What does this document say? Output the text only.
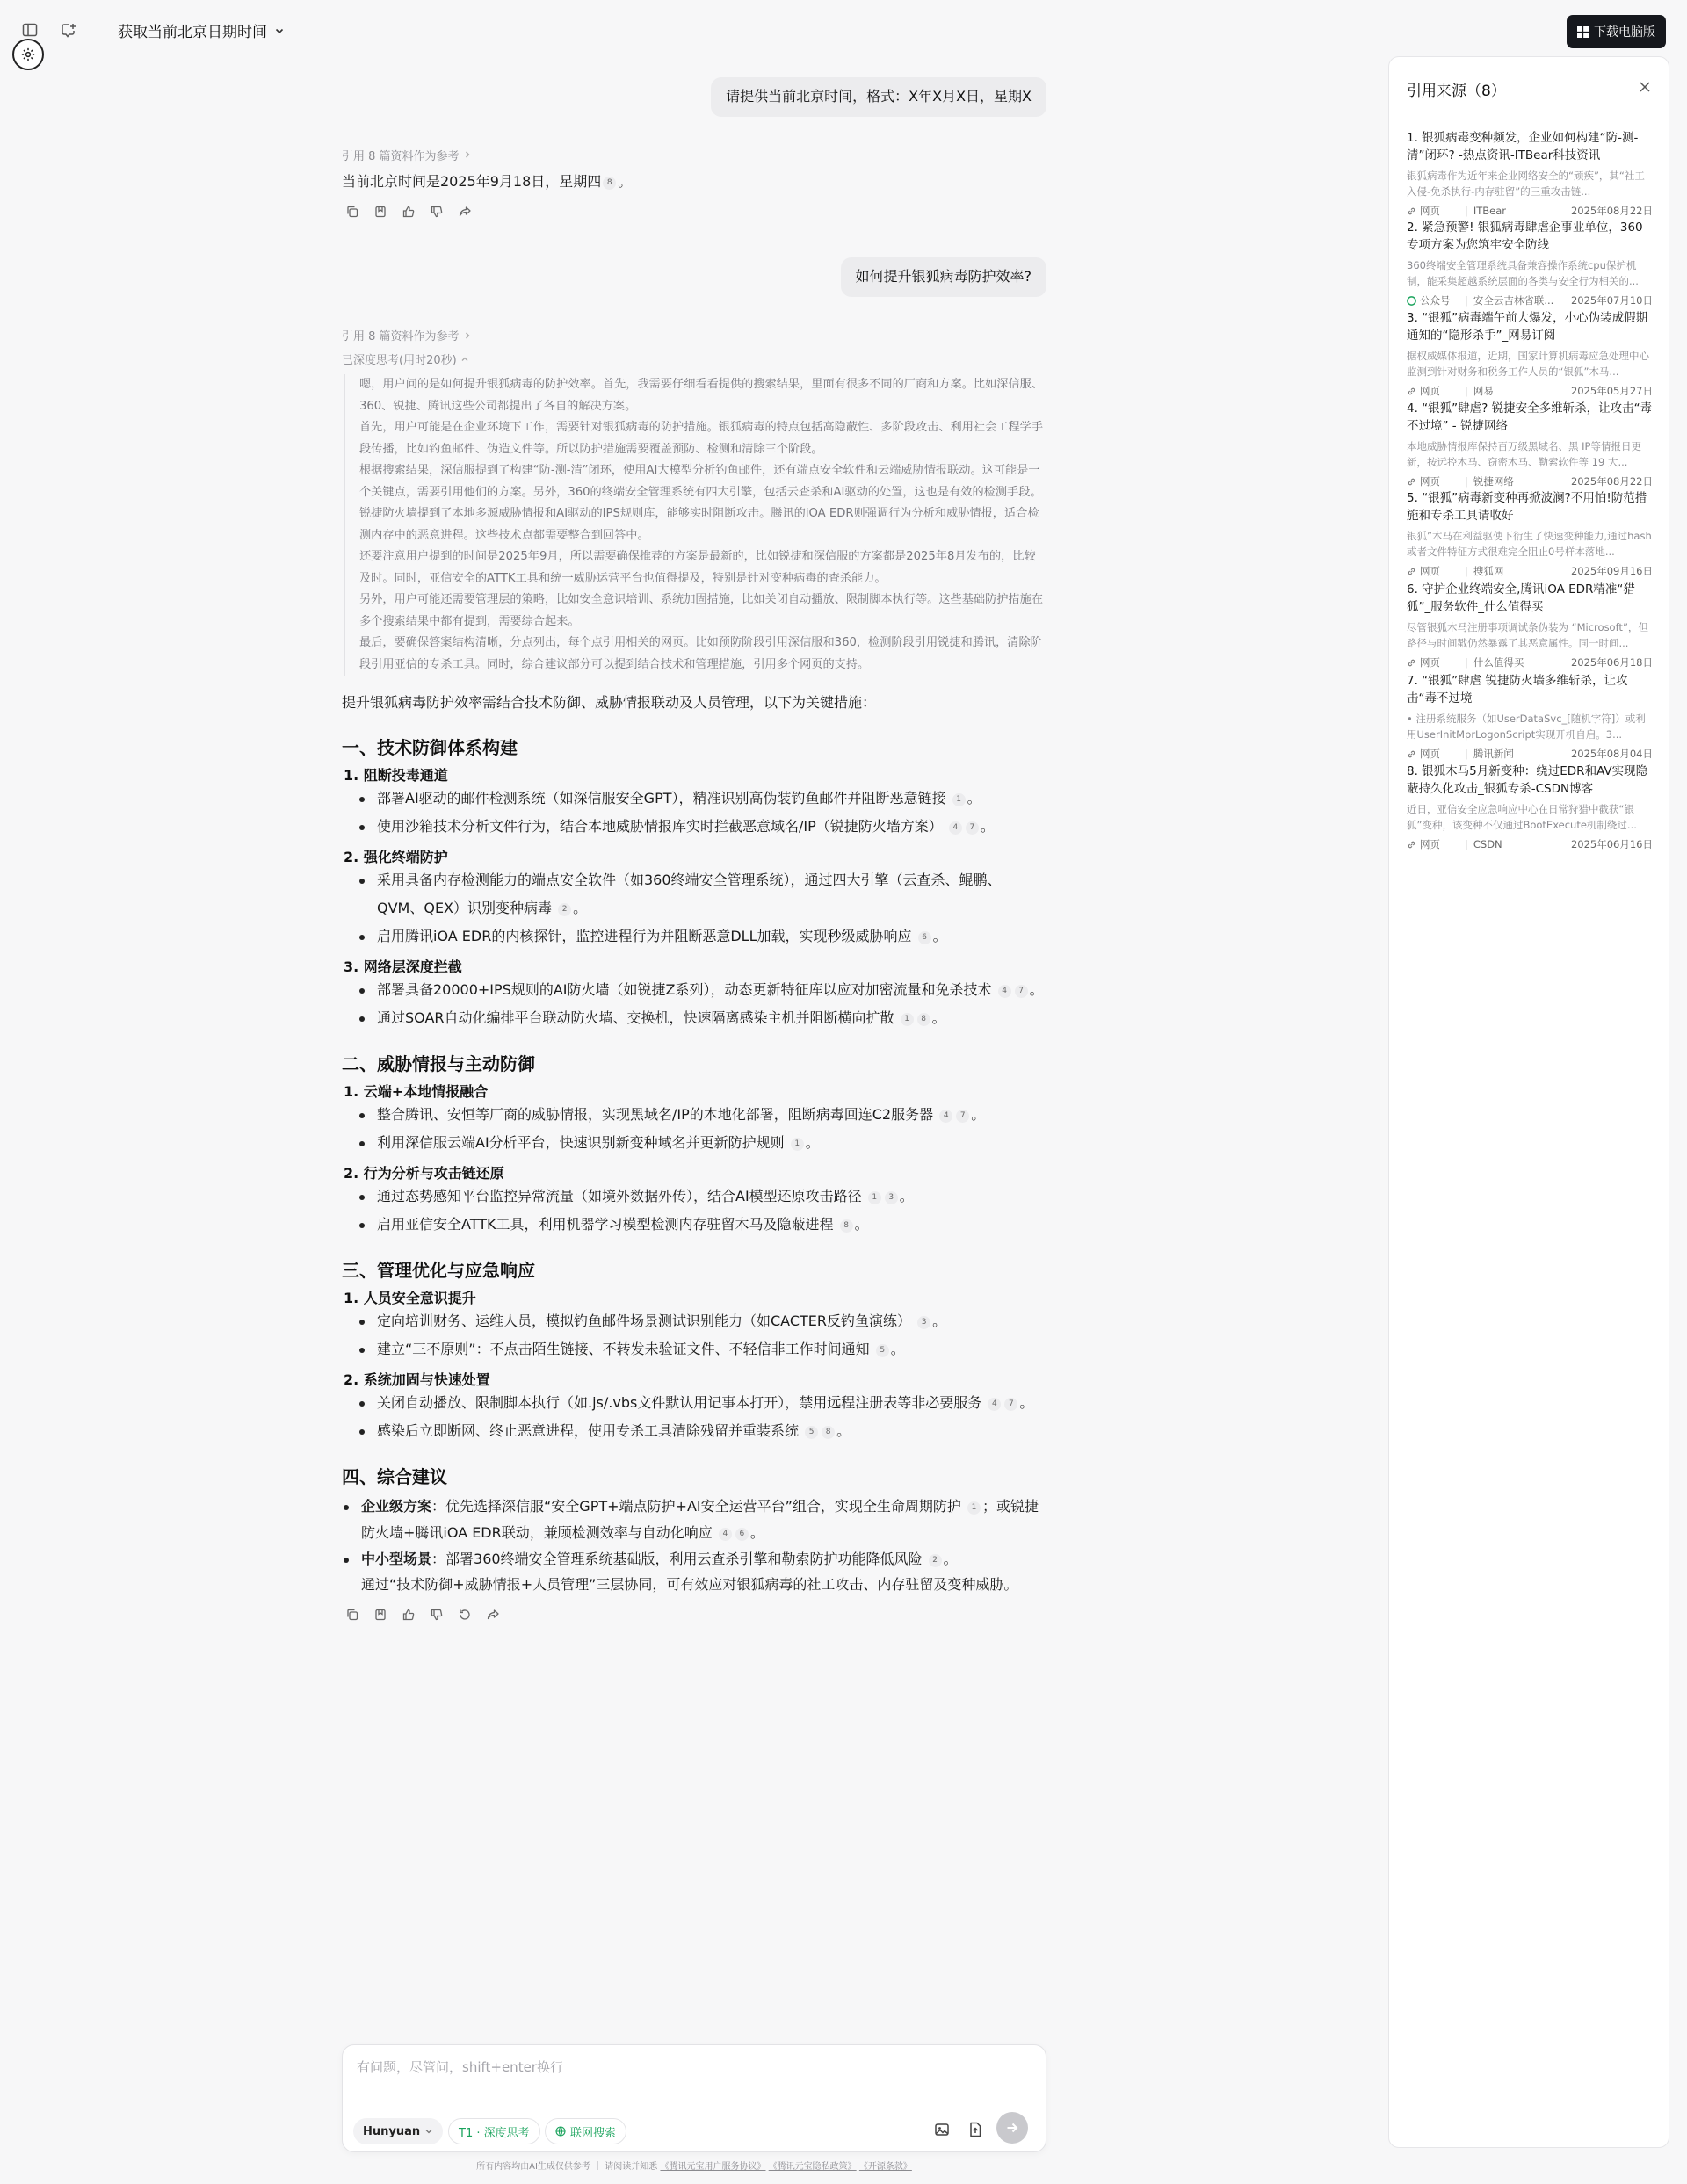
获取当前北京日期时间	下载电脑版
请提供当前北京时间，格式：X年X月X日，星期X
引用 8 篇资料作为参考
当前北京时间是2025年9月18日，星期四 8 。
如何提升银狐病毒防护效率?
引用 8 篇资料作为参考
已深度思考(用时20秒)

嗯，用户问的是如何提升银狐病毒的防护效率。首先，我需要仔细看看提供的搜索结果，里面有很多不同的厂商和方案。比如深信服、360、锐捷、腾讯这些公司都提出了各自的解决方案。

首先，用户可能是在企业环境下工作，需要针对银狐病毒的防护措施。银狐病毒的特点包括高隐蔽性、多阶段攻击、利用社会工程学手段传播，比如钓鱼邮件、伪造文件等。所以防护措施需要覆盖预防、检测和清除三个阶段。

根据搜索结果，深信服提到了构建“防-测-清”闭环，使用AI大模型分析钓鱼邮件，还有端点安全软件和云端威胁情报联动。这可能是一个关键点，需要引用他们的方案。另外，360的终端安全管理系统有四大引擎，包括云查杀和AI驱动的处置，这也是有效的检测手段。

锐捷防火墙提到了本地多源威胁情报和AI驱动的IPS规则库，能够实时阻断攻击。腾讯的iOA EDR则强调行为分析和威胁情报，适合检测内存中的恶意进程。这些技术点都需要整合到回答中。

还要注意用户提到的时间是2025年9月，所以需要确保推荐的方案是最新的，比如锐捷和深信服的方案都是2025年8月发布的，比较及时。同时，亚信安全的ATTK工具和统一威胁运营平台也值得提及，特别是针对变种病毒的查杀能力。

另外，用户可能还需要管理层的策略，比如安全意识培训、系统加固措施，比如关闭自动播放、限制脚本执行等。这些基础防护措施在多个搜索结果中都有提到，需要综合起来。

最后，要确保答案结构清晰，分点列出，每个点引用相关的网页。比如预防阶段引用深信服和360，检测阶段引用锐捷和腾讯，清除阶段引用亚信的专杀工具。同时，综合建议部分可以提到结合技术和管理措施，引用多个网页的支持。

提升银狐病毒防护效率需结合技术防御、威胁情报联动及人员管理，以下为关键措施：
一、技术防御体系构建
1. 阻断投毒通道
部署AI驱动的邮件检测系统（如深信服安全GPT），精准识别高伪装钓鱼邮件并阻断恶意链接 1 。
使用沙箱技术分析文件行为，结合本地威胁情报库实时拦截恶意域名/IP（锐捷防火墙方案） 4 7 。
2. 强化终端防护
采用具备内存检测能力的端点安全软件（如360终端安全管理系统），通过四大引擎（云查杀、鲲鹏、QVM、QEX）识别变种病毒 2 。
启用腾讯iOA EDR的内核探针，监控进程行为并阻断恶意DLL加载，实现秒级威胁响应 6 。
3. 网络层深度拦截
部署具备20000+IPS规则的AI防火墙（如锐捷Z系列），动态更新特征库以应对加密流量和免杀技术 4 7 。
通过SOAR自动化编排平台联动防火墙、交换机，快速隔离感染主机并阻断横向扩散 1 8 。
二、威胁情报与主动防御
1. 云端+本地情报融合
整合腾讯、安恒等厂商的威胁情报，实现黑域名/IP的本地化部署，阻断病毒回连C2服务器 4 7 。
利用深信服云端AI分析平台，快速识别新变种域名并更新防护规则 1 。
2. 行为分析与攻击链还原
通过态势感知平台监控异常流量（如境外数据外传），结合AI模型还原攻击路径 1 3 。
启用亚信安全ATTK工具，利用机器学习模型检测内存驻留木马及隐蔽进程 8 。
三、管理优化与应急响应
1. 人员安全意识提升
定向培训财务、运维人员，模拟钓鱼邮件场景测试识别能力（如CACTER反钓鱼演练） 3 。
建立“三不原则”：不点击陌生链接、不转发未验证文件、不轻信非工作时间通知 5 。
2. 系统加固与快速处置
关闭自动播放、限制脚本执行（如.js/.vbs文件默认用记事本打开），禁用远程注册表等非必要服务 4 7 。
感染后立即断网、终止恶意进程，使用专杀工具清除残留并重装系统 5 8 。
四、综合建议
企业级方案：优先选择深信服“安全GPT+端点防护+AI安全运营平台”组合，实现全生命周期防护 1 ；或锐捷防火墙+腾讯iOA EDR联动，兼顾检测效率与自动化响应 4 6 。
中小型场景：部署360终端安全管理系统基础版，利用云查杀引擎和勒索防护功能降低风险 2 。
通过“技术防御+威胁情报+人员管理”三层协同，可有效应对银狐病毒的社工攻击、内存驻留及变种威胁。
有问题，尽管问，shift+enter换行
Hunyuan	T1 · 深度思考	联网搜索
所有内容均由AI生成仅供参考 ｜ 请阅读并知悉 《腾讯元宝用户服务协议》 《腾讯元宝隐私政策》 《开源条款》
引用来源（8）
1. 银狐病毒变种频发，企业如何构建“防-测-清”闭环? -热点资讯-ITBear科技资讯
银狐病毒作为近年来企业网络安全的“顽疾”，其“社工入侵-免杀执行-内存驻留”的三重攻击链...
网页 | ITBear	2025年08月22日
2. 紧急预警! 银狐病毒肆虐企事业单位，360 专项方案为您筑牢安全防线
360终端安全管理系统具备兼容操作系统cpu保护机制，能采集超越系统层面的各类与安全行为相关的...
公众号 | 安全云吉林省联...	2025年07月10日
3. “银狐”病毒端午前大爆发，小心伪装成假期通知的“隐形杀手”_网易订阅
据权威媒体报道，近期，国家计算机病毒应急处理中心监测到针对财务和税务工作人员的“银狐”木马...
网页 | 网易	2025年05月27日
4. “银狐”肆虐? 锐捷安全多维斩杀，让攻击“毒不过境” - 锐捷网络
本地威胁情报库保持百万级黑域名、黑 IP等情报日更新，按远控木马、窃密木马、勒索软件等 19 大...
网页 | 锐捷网络	2025年08月22日
5. “银狐”病毒新变种再掀波澜?不用怕!防范措施和专杀工具请收好
银狐”木马在利益驱使下衍生了快速变种能力,通过hash或者文件特征方式很难完全阻止0号样本落地...
网页 | 搜狐网	2025年09月16日
6. 守护企业终端安全,腾讯iOA EDR精准“猎狐”_服务软件_什么值得买
尽管银狐木马注册事项调试条伪装为 “Microsoft”，但路径与时间戳仍然暴露了其恶意属性。同一时间...
网页 | 什么值得买	2025年06月18日
7. “银狐”肆虐 锐捷防火墙多维斩杀，让攻击“毒不过境
• 注册系统服务（如UserDataSvc_[随机字符]）或利用UserInitMprLogonScript实现开机自启。3...
网页 | 腾讯新闻	2025年08月04日
8. 银狐木马5月新变种：绕过EDR和AV实现隐蔽持久化攻击_银狐专杀-CSDN博客
近日，亚信安全应急响应中心在日常狩猎中截获“银狐”变种，该变种不仅通过BootExecute机制绕过...
网页 | CSDN	2025年06月16日
